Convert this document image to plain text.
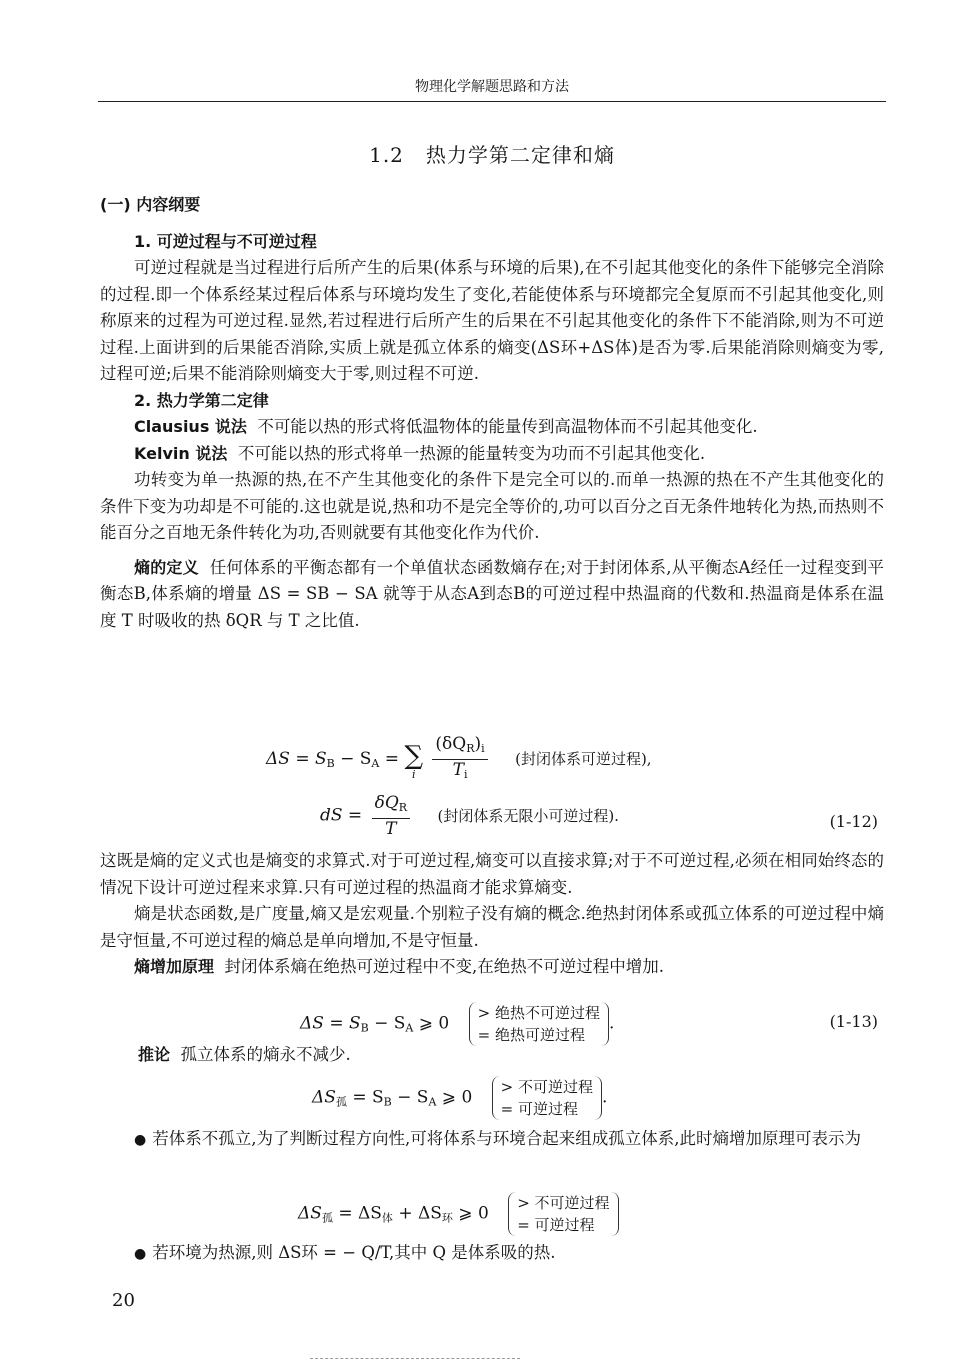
物理化学解题思路和方法
1.2 热力学第二定律和熵

(一) 内容纲要

1. 可逆过程与不可逆过程

可逆过程就是当过程进行后所产生的后果(体系与环境的后果),在不引起其他变化的条件下能够完全消除的过程.即一个体系经某过程后体系与环境均发生了变化,若能使体系与环境都完全复原而不引起其他变化,则称原来的过程为可逆过程.显然,若过程进行后所产生的后果在不引起其他变化的条件下不能消除,则为不可逆过程.上面讲到的后果能否消除,实质上就是孤立体系的熵变(ΔS环+ΔS体)是否为零.后果能消除则熵变为零,过程可逆;后果不能消除则熵变大于零,则过程不可逆.

2. 热力学第二定律

Clausius 说法 不可能以热的形式将低温物体的能量传到高温物体而不引起其他变化.

Kelvin 说法 不可能以热的形式将单一热源的能量转变为功而不引起其他变化.

功转变为单一热源的热,在不产生其他变化的条件下是完全可以的.而单一热源的热在不产生其他变化的条件下变为功却是不可能的.这也就是说,热和功不是完全等价的,功可以百分之百无条件地转化为热,而热则不能百分之百地无条件转化为功,否则就要有其他变化作为代价.

熵的定义 任何体系的平衡态都有一个单值状态函数熵存在;对于封闭体系,从平衡态A经任一过程变到平衡态B,体系熵的增量 ΔS = SB − SA 就等于从态A到态B的可逆过程中热温商的代数和.热温商是体系在温度 T 时吸收的热 δQR 与 T 之比值.

$\Delta S = S_B - S_A$ = ∑
i
$\frac{(\delta Q_R)_i}{T_i}$ (封闭体系可逆过程),
dS = $\frac{\delta Q_R}{T}$ (封闭体系无限小可逆过程).	(1-12)

这既是熵的定义式也是熵变的求算式.对于可逆过程,熵变可以直接求算;对于不可逆过程,必须在相同始终态的情况下设计可逆过程来求算.只有可逆过程的热温商才能求算熵变.

熵是状态函数,是广度量,熵又是宏观量.个别粒子没有熵的概念.绝热封闭体系或孤立体系的可逆过程中熵是守恒量,不可逆过程的熵总是单向增加,不是守恒量.

熵增加原理 封闭体系熵在绝热可逆过程中不变,在绝热不可逆过程中增加.

$\Delta S = S_B - S_A$ ⩾ 0
> 绝热不可逆过程
= 绝热可逆过程
.	(1-13)

推论 孤立体系的熵永不减少.

$\Delta S_孤 = S_B - S_A$ ⩾ 0
> 不可逆过程
= 可逆过程
.

● 若体系不孤立,为了判断过程方向性,可将体系与环境合起来组成孤立体系,此时熵增加原理可表示为

$\Delta S_孤 = \Delta S_体 + \Delta S_环$ ⩾ 0
> 不可逆过程
= 可逆过程

● 若环境为热源,则 ΔS环 = − Q/T,其中 Q 是体系吸的热.

20
